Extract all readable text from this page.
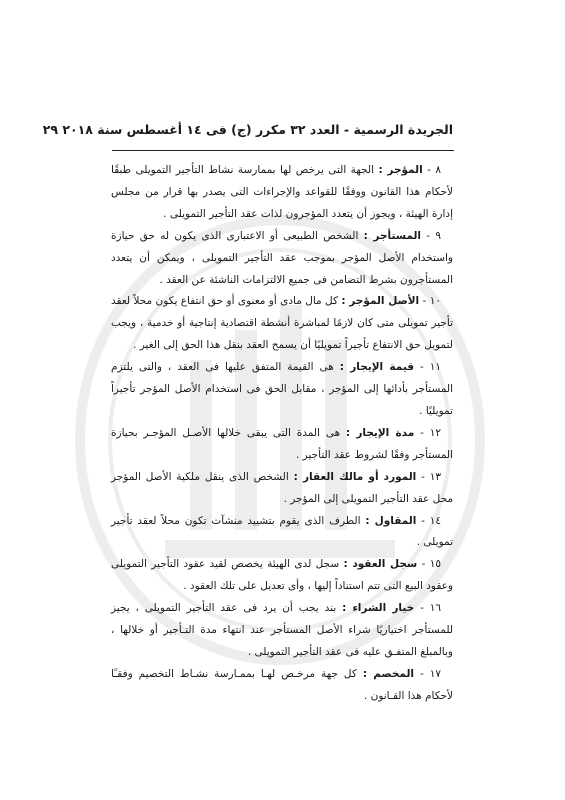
الجريدة الرسمية - العدد ٣٢ مكرر (ج) فى ١٤ أغسطس سنة ٢٠١٨ ٢٩

٨ - المؤجر : الجهة التى يرخص لها بممارسة نشاط التأجير التمويلى طبقًا لأحكام هذا القانون ووفقًا للقواعد والإجراءات التى يصدر بها قرار من مجلس إدارة الهيئة ، ويجوز أن يتعدد المؤجرون لذات عقد التأجير التمويلى .

٩ - المستأجر : الشخص الطبيعى أو الاعتبارى الذى يكون له حق حيازة واستخدام الأصل المؤجر بموجب عقد التأجير التمويلى ، ويمكن أن يتعدد المستأجرون بشرط التضامن فى جميع الالتزامات الناشئة عن العقد .

١٠ - الأصل المؤجر : كل مال مادى أو معنوى أو حق انتفاع يكون محلاً لعقد تأجير تمويلى متى كان لازمًا لمباشرة أنشطة اقتصادية إنتاجية أو خدمية ، ويجب لتمويل حق الانتفاع تأجيراً تمويليًا أن يسمح العقد بنقل هذا الحق إلى الغير .

١١ - قيمة الإيجار : هى القيمة المتفق عليها فى العقد ، والتى يلتزم المستأجر بأدائها إلى المؤجر ، مقابل الحق فى استخدام الأصل المؤجر تأجيراً تمويليًا .

١٢ - مدة الإيجار : هى المدة التى يبقى خلالها الأصـل المؤجـر بحيازة المستأجر وفقًا لشروط عقد التأجير .

١٣ - المورد أو مالك العقار : الشخص الذى ينقل ملكية الأصل المؤجر محل عقد التأجير التمويلى إلى المؤجر .

١٤ - المقاول : الطرف الذى يقوم بتشييد منشآت تكون محلاً لعقد تأجير تمويلى .

١٥ - سجل العقود : سجل لدى الهيئة يخصص لقيد عقود التأجير التمويلى وعقود البيع التى تتم استناداً إليها ، وأى تعديل على تلك العقود .

١٦ - خيار الشراء : بند يجب أن يرد فى عقد التأجير التمويلى ، يجيز للمستأجر اختياريًا شراء الأصل المستأجر عند انتهاء مدة التـأجير أو خلالها ، وبالمبلغ المتفـق عليه فى عقد التأجير التمويلى .

١٧ - المخصم : كل جهة مرخـص لهـا بممـارسة نشـاط التخصيم وفقـًا لأحكام هذا القـانون .
